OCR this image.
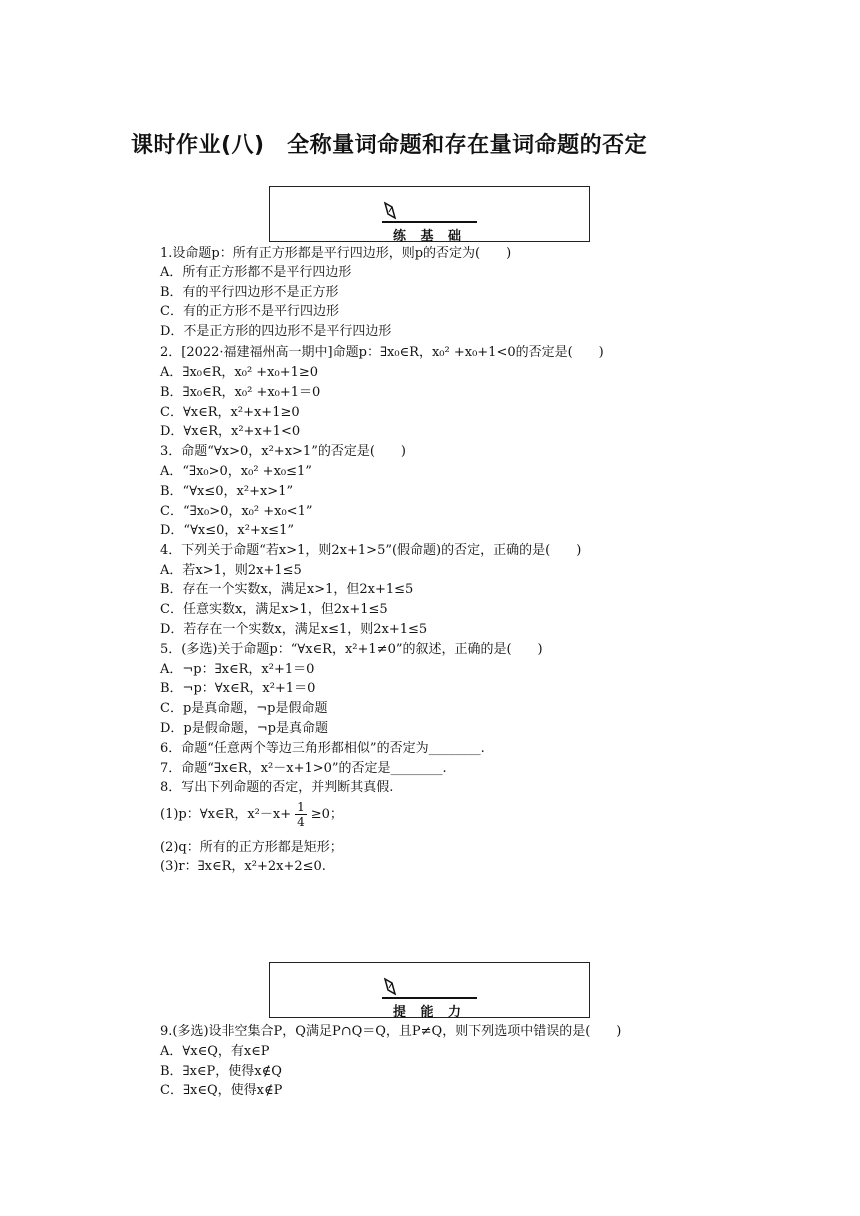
课时作业(八)　全称量词命题和存在量词命题的否定
练 基 础
1.设命题p：所有正方形都是平行四边形，则p的否定为(　　)
A．所有正方形都不是平行四边形
B．有的平行四边形不是正方形
C．有的正方形不是平行四边形
D．不是正方形的四边形不是平行四边形
2．[2022·福建福州高一期中]命题p：∃x₀∈R，x₀² +x₀+1<0的否定是(　　)
A．∃x₀∈R，x₀² +x₀+1≥0
B．∃x₀∈R，x₀² +x₀+1＝0
C．∀x∈R，x²+x+1≥0
D．∀x∈R，x²+x+1<0
3．命题“∀x>0，x²+x>1”的否定是(　　)
A．“∃x₀>0，x₀² +x₀≤1”
B．“∀x≤0，x²+x>1”
C．“∃x₀>0，x₀² +x₀<1”
D．“∀x≤0，x²+x≤1”
4．下列关于命题“若x>1，则2x+1>5”(假命题)的否定，正确的是(　　)
A．若x>1，则2x+1≤5
B．存在一个实数x，满足x>1，但2x+1≤5
C．任意实数x，满足x>1，但2x+1≤5
D．若存在一个实数x，满足x≤1，则2x+1≤5
5．(多选)关于命题p：“∀x∈R，x²+1≠0”的叙述，正确的是(　　)
A．¬p：∃x∈R，x²+1＝0
B．¬p：∀x∈R，x²+1＝0
C．p是真命题，¬p是假命题
D．p是假命题，¬p是真命题
6．命题“任意两个等边三角形都相似”的否定为________.
7．命题“∃x∈R，x²－x+1>0”的否定是________.
8．写出下列命题的否定，并判断其真假.
(1)p：∀x∈R，$x^2-x+ \frac{1}{4} \ge 0$；
(2)q：所有的正方形都是矩形；
(3)r：∃x∈R，x²+2x+2≤0.
提 能 力
9.(多选)设非空集合P，Q满足P∩Q＝Q，且P≠Q，则下列选项中错误的是(　　)
A．∀x∈Q，有x∈P
B．∃x∈P，使得x∉Q
C．∃x∈Q，使得x∉P
